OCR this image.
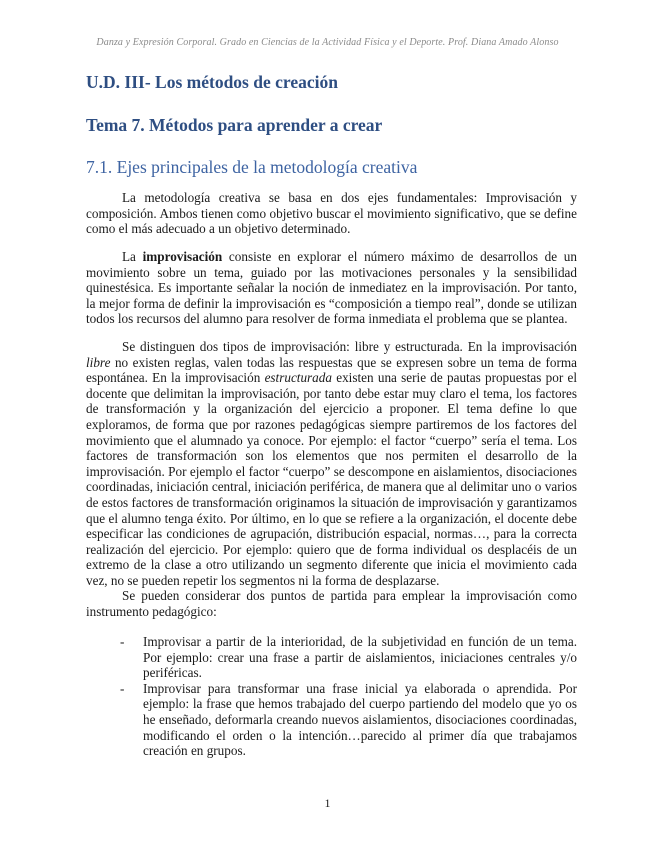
Danza y Expresión Corporal. Grado en Ciencias de la Actividad Física y el Deporte. Prof. Diana Amado Alonso
U.D. III- Los métodos de creación
Tema 7. Métodos para aprender a crear
7.1. Ejes principales de la metodología creativa

La metodología creativa se basa en dos ejes fundamentales: Improvisación y composición. Ambos tienen como objetivo buscar el movimiento significativo, que se define como el más adecuado a un objetivo determinado.

La improvisación consiste en explorar el número máximo de desarrollos de un movimiento sobre un tema, guiado por las motivaciones personales y la sensibilidad quinestésica. Es importante señalar la noción de inmediatez en la improvisación. Por tanto, la mejor forma de definir la improvisación es “composición a tiempo real”, donde se utilizan todos los recursos del alumno para resolver de forma inmediata el problema que se plantea.

Se distinguen dos tipos de improvisación: libre y estructurada. En la improvisación libre no existen reglas, valen todas las respuestas que se expresen sobre un tema de forma espontánea. En la improvisación estructurada existen una serie de pautas propuestas por el docente que delimitan la improvisación, por tanto debe estar muy claro el tema, los factores de transformación y la organización del ejercicio a proponer. El tema define lo que exploramos, de forma que por razones pedagógicas siempre partiremos de los factores del movimiento que el alumnado ya conoce. Por ejemplo: el factor “cuerpo” sería el tema. Los factores de transformación son los elementos que nos permiten el desarrollo de la improvisación. Por ejemplo el factor “cuerpo” se descompone en aislamientos, disociaciones coordinadas, iniciación central, iniciación periférica, de manera que al delimitar uno o varios de estos factores de transformación originamos la situación de improvisación y garantizamos que el alumno tenga éxito. Por último, en lo que se refiere a la organización, el docente debe especificar las condiciones de agrupación, distribución espacial, normas…, para la correcta realización del ejercicio. Por ejemplo: quiero que de forma individual os desplacéis de un extremo de la clase a otro utilizando un segmento diferente que inicia el movimiento cada vez, no se pueden repetir los segmentos ni la forma de desplazarse.

Se pueden considerar dos puntos de partida para emplear la improvisación como instrumento pedagógico:

- Improvisar a partir de la interioridad, de la subjetividad en función de un tema. Por ejemplo: crear una frase a partir de aislamientos, iniciaciones centrales y/o periféricas.
- Improvisar para transformar una frase inicial ya elaborada o aprendida. Por ejemplo: la frase que hemos trabajado del cuerpo partiendo del modelo que yo os he enseñado, deformarla creando nuevos aislamientos, disociaciones coordinadas, modificando el orden o la intención…parecido al primer día que trabajamos creación en grupos.
1
